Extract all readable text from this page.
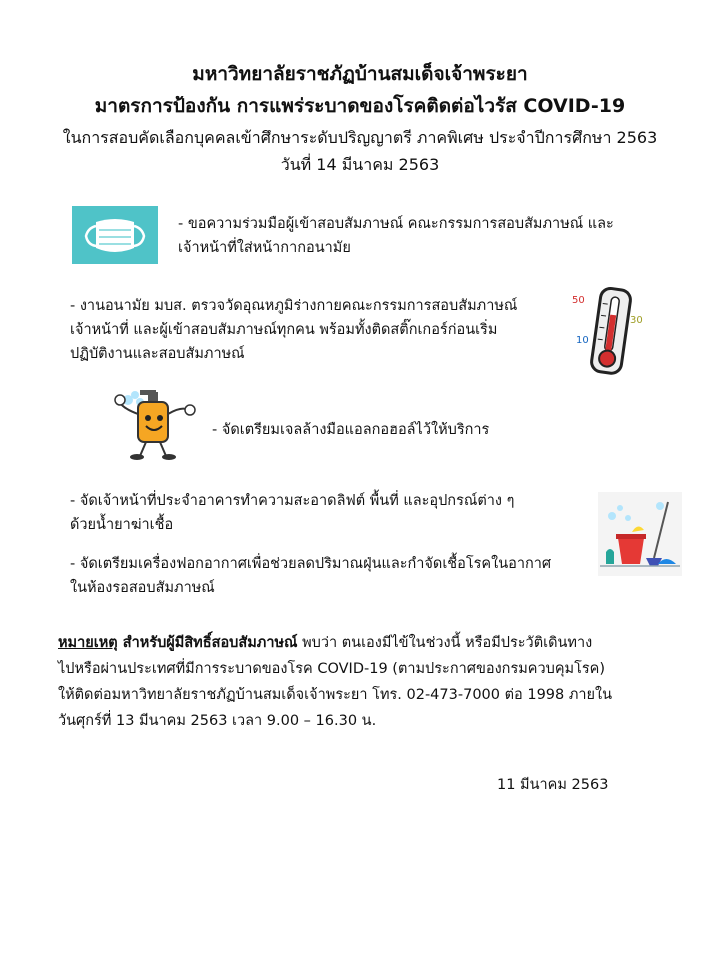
มหาวิทยาลัยราชภัฏบ้านสมเด็จเจ้าพระยา
มาตรการป้องกัน การแพร่ระบาดของโรคติดต่อไวรัส COVID-19
ในการสอบคัดเลือกบุคคลเข้าศึกษาระดับปริญญาตรี ภาคพิเศษ ประจำปีการศึกษา 2563
วันที่ 14 มีนาคม 2563
- ขอความร่วมมือผู้เข้าสอบสัมภาษณ์ คณะกรรมการสอบสัมภาษณ์ และ
เจ้าหน้าที่ใส่หน้ากากอนามัย
- งานอนามัย มบส. ตรวจวัดอุณหภูมิร่างกายคณะกรรมการสอบสัมภาษณ์
เจ้าหน้าที่ และผู้เข้าสอบสัมภาษณ์ทุกคน พร้อมทั้งติดสติ๊กเกอร์ก่อนเริ่ม
ปฏิบัติงานและสอบสัมภาษณ์
50
30
10
- จัดเตรียมเจลล้างมือแอลกอฮอล์ไว้ให้บริการ
- จัดเจ้าหน้าที่ประจำอาคารทำความสะอาดลิฟต์ พื้นที่ และอุปกรณ์ต่าง ๆ
ด้วยน้ำยาฆ่าเชื้อ
- จัดเตรียมเครื่องฟอกอากาศเพื่อช่วยลดปริมาณฝุ่นและกำจัดเชื้อโรคในอากาศ
ในห้องรอสอบสัมภาษณ์
หมายเหตุ สำหรับผู้มีสิทธิ์สอบสัมภาษณ์ พบว่า ตนเองมีไข้ในช่วงนี้ หรือมีประวัติเดินทาง
ไปหรือผ่านประเทศที่มีการระบาดของโรค COVID-19 (ตามประกาศของกรมควบคุมโรค)
ให้ติดต่อมหาวิทยาลัยราชภัฏบ้านสมเด็จเจ้าพระยา โทร. 02-473-7000 ต่อ 1998 ภายใน
วันศุกร์ที่ 13 มีนาคม 2563 เวลา 9.00 – 16.30 น.
11 มีนาคม 2563
